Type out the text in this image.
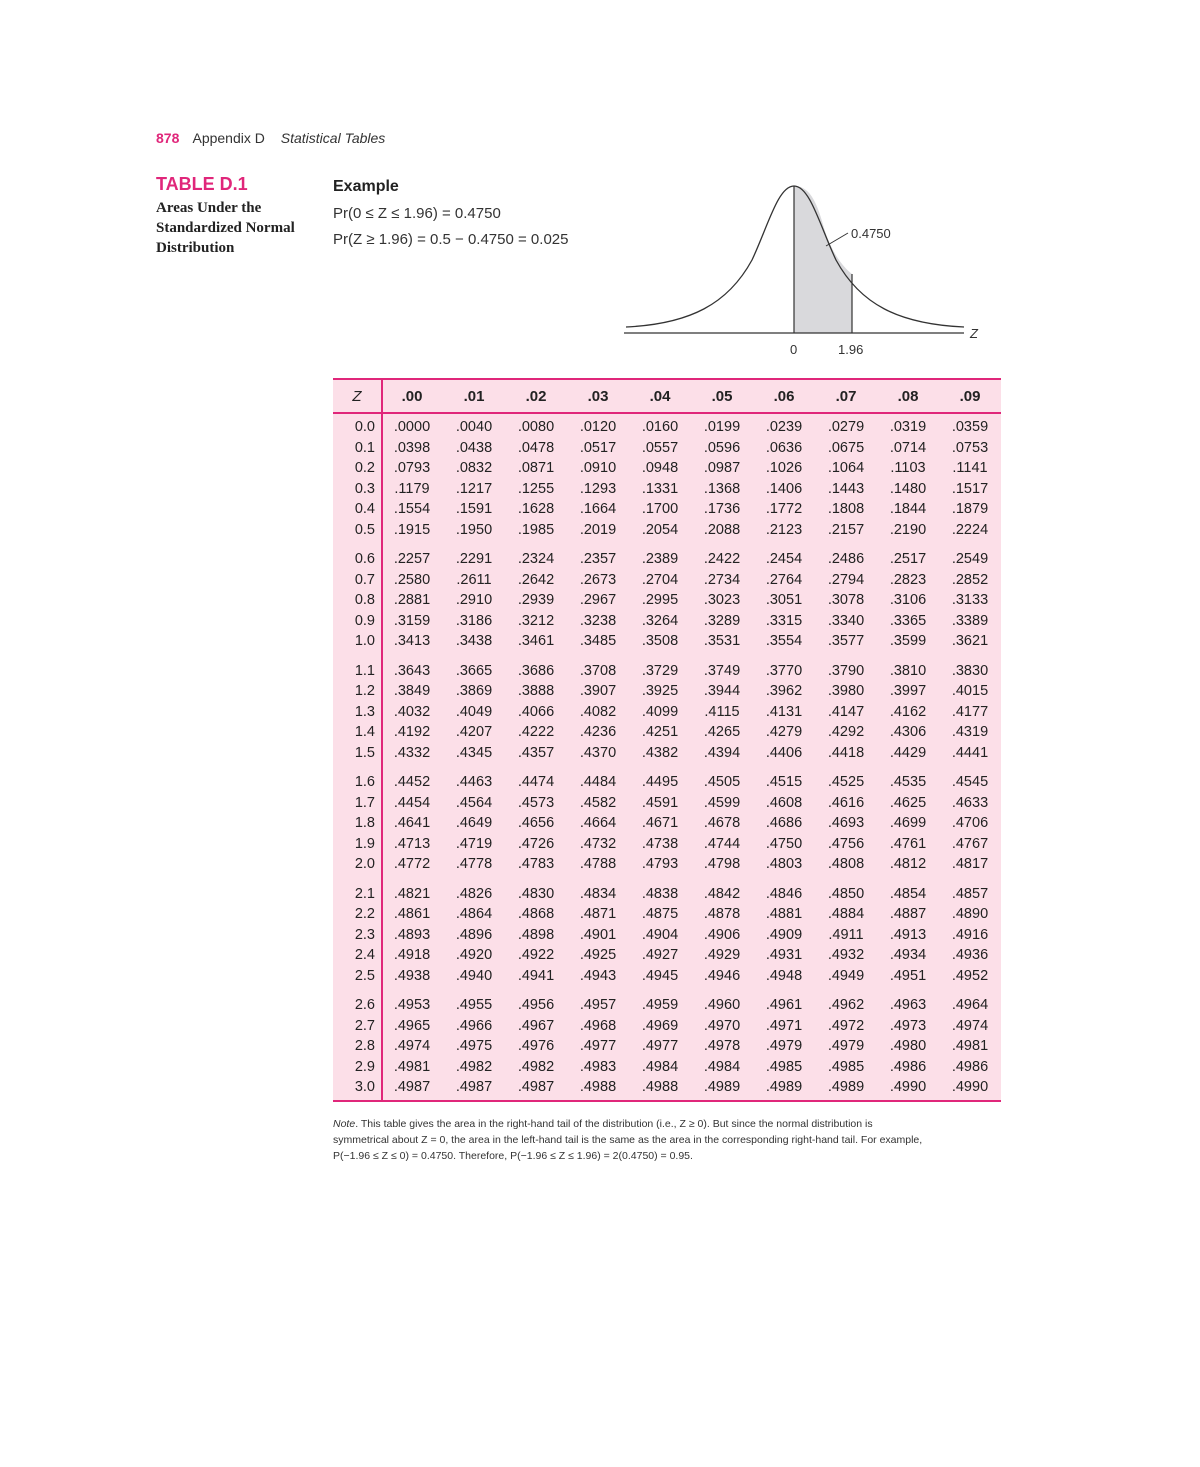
878 Appendix D Statistical Tables
TABLE D.1
Areas Under the Standardized Normal Distribution
Example
Pr(0 ≤ Z ≤ 1.96) = 0.4750
Pr(Z ≥ 1.96) = 0.5 − 0.4750 = 0.025	0.4750
Z
0	1.96
Z	.00	.01	.02	.03	.04	.05	.06	.07	.08	.09
0.0	.0000	.0040	.0080	.0120	.0160	.0199	.0239	.0279	.0319	.0359
0.1	.0398	.0438	.0478	.0517	.0557	.0596	.0636	.0675	.0714	.0753
0.2	.0793	.0832	.0871	.0910	.0948	.0987	.1026	.1064	.1103	.1141
0.3	.1179	.1217	.1255	.1293	.1331	.1368	.1406	.1443	.1480	.1517
0.4	.1554	.1591	.1628	.1664	.1700	.1736	.1772	.1808	.1844	.1879
0.5	.1915	.1950	.1985	.2019	.2054	.2088	.2123	.2157	.2190	.2224
0.6	.2257	.2291	.2324	.2357	.2389	.2422	.2454	.2486	.2517	.2549
0.7	.2580	.2611	.2642	.2673	.2704	.2734	.2764	.2794	.2823	.2852
0.8	.2881	.2910	.2939	.2967	.2995	.3023	.3051	.3078	.3106	.3133
0.9	.3159	.3186	.3212	.3238	.3264	.3289	.3315	.3340	.3365	.3389
1.0	.3413	.3438	.3461	.3485	.3508	.3531	.3554	.3577	.3599	.3621
1.1	.3643	.3665	.3686	.3708	.3729	.3749	.3770	.3790	.3810	.3830
1.2	.3849	.3869	.3888	.3907	.3925	.3944	.3962	.3980	.3997	.4015
1.3	.4032	.4049	.4066	.4082	.4099	.4115	.4131	.4147	.4162	.4177
1.4	.4192	.4207	.4222	.4236	.4251	.4265	.4279	.4292	.4306	.4319
1.5	.4332	.4345	.4357	.4370	.4382	.4394	.4406	.4418	.4429	.4441
1.6	.4452	.4463	.4474	.4484	.4495	.4505	.4515	.4525	.4535	.4545
1.7	.4454	.4564	.4573	.4582	.4591	.4599	.4608	.4616	.4625	.4633
1.8	.4641	.4649	.4656	.4664	.4671	.4678	.4686	.4693	.4699	.4706
1.9	.4713	.4719	.4726	.4732	.4738	.4744	.4750	.4756	.4761	.4767
2.0	.4772	.4778	.4783	.4788	.4793	.4798	.4803	.4808	.4812	.4817
2.1	.4821	.4826	.4830	.4834	.4838	.4842	.4846	.4850	.4854	.4857
2.2	.4861	.4864	.4868	.4871	.4875	.4878	.4881	.4884	.4887	.4890
2.3	.4893	.4896	.4898	.4901	.4904	.4906	.4909	.4911	.4913	.4916
2.4	.4918	.4920	.4922	.4925	.4927	.4929	.4931	.4932	.4934	.4936
2.5	.4938	.4940	.4941	.4943	.4945	.4946	.4948	.4949	.4951	.4952
2.6	.4953	.4955	.4956	.4957	.4959	.4960	.4961	.4962	.4963	.4964
2.7	.4965	.4966	.4967	.4968	.4969	.4970	.4971	.4972	.4973	.4974
2.8	.4974	.4975	.4976	.4977	.4977	.4978	.4979	.4979	.4980	.4981
2.9	.4981	.4982	.4982	.4983	.4984	.4984	.4985	.4985	.4986	.4986
3.0	.4987	.4987	.4987	.4988	.4988	.4989	.4989	.4989	.4990	.4990
Note. This table gives the area in the right-hand tail of the distribution (i.e., Z ≥ 0). But since the normal distribution is
symmetrical about Z = 0, the area in the left-hand tail is the same as the area in the corresponding right-hand tail. For example,
P(−1.96 ≤ Z ≤ 0) = 0.4750. Therefore, P(−1.96 ≤ Z ≤ 1.96) = 2(0.4750) = 0.95.
